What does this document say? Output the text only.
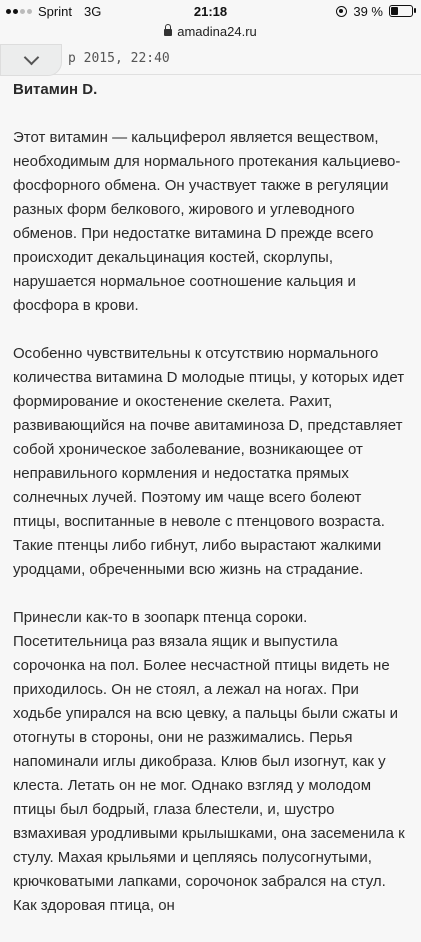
Sprint 3G	21:18	39 %
amadina24.ru
р 2015, 22:40
Витамин D.

Этот витамин — кальциферол является веществом, необходимым для нормального протекания кальциево-фосфорного обмена. Он участвует также в регуляции разных форм белкового, жирового и углеводного обменов. При недостатке витамина D прежде всего происходит декальцинация костей, скорлупы, нарушается нормальное соотношение кальция и фосфора в крови.

Особенно чувствительны к отсутствию нормального количества витамина D молодые птицы, у которых идет формирование и окостенение скелета. Рахит, развивающийся на почве авитаминоза D, представляет собой хроническое заболевание, возникающее от неправильного кормления и недостатка прямых солнечных лучей. Поэтому им чаще всего болеют птицы, воспитанные в неволе с птенцового возраста. Такие птенцы либо гибнут, либо вырастают жалкими уродцами, обреченными всю жизнь на страдание.

Принесли как-то в зоопарк птенца сороки. Посетительница раз вязала ящик и выпустила сорочонка на пол. Более несчастной птицы видеть не приходилось. Он не стоял, а лежал на ногах. При ходьбе упирался на всю цевку, а пальцы были сжаты и отогнуты в стороны, они не разжимались. Перья напоминали иглы дикобраза. Клюв был изогнут, как у клеста. Летать он не мог. Однако взгляд у молодом птицы был бодрый, глаза блестели, и, шустро взмахивая уродливыми крылышками, она засеменила к стулу. Махая крыльями и цепляясь полусогнутыми, крючковатыми лапками, сорочонок забрался на стул. Как здоровая птица, он
